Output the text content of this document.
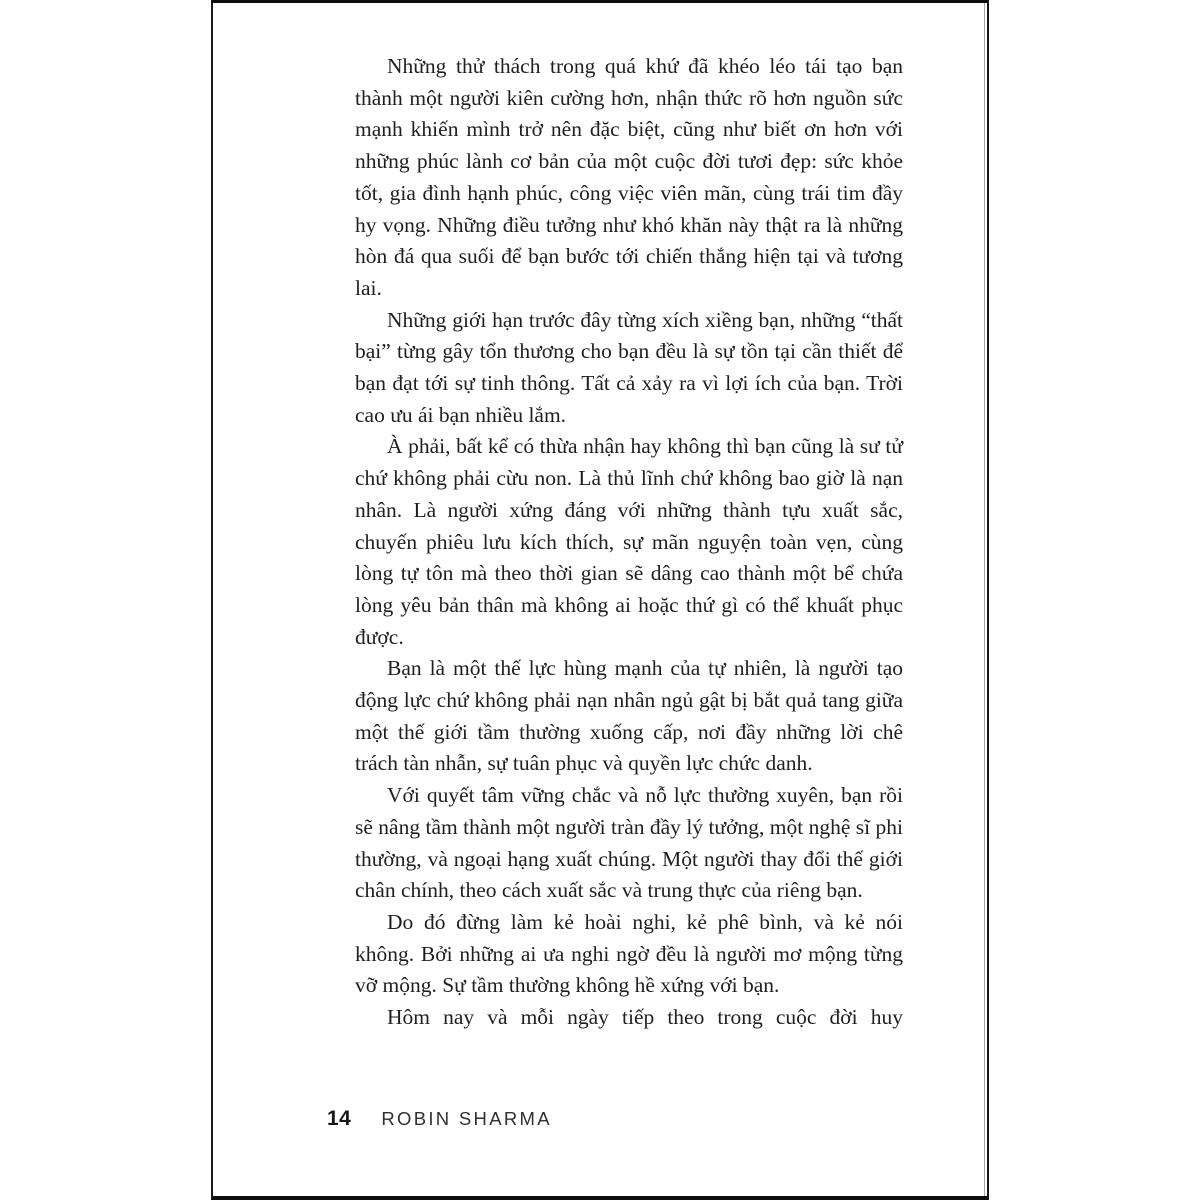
Những thử thách trong quá khứ đã khéo léo tái tạo bạn thành một người kiên cường hơn, nhận thức rõ hơn nguồn sức mạnh khiến mình trở nên đặc biệt, cũng như biết ơn hơn với những phúc lành cơ bản của một cuộc đời tươi đẹp: sức khỏe tốt, gia đình hạnh phúc, công việc viên mãn, cùng trái tim đầy hy vọng. Những điều tưởng như khó khăn này thật ra là những hòn đá qua suối để bạn bước tới chiến thắng hiện tại và tương lai.

Những giới hạn trước đây từng xích xiềng bạn, những “thất bại” từng gây tổn thương cho bạn đều là sự tồn tại cần thiết để bạn đạt tới sự tinh thông. Tất cả xảy ra vì lợi ích của bạn. Trời cao ưu ái bạn nhiều lắm.

À phải, bất kể có thừa nhận hay không thì bạn cũng là sư tử chứ không phải cừu non. Là thủ lĩnh chứ không bao giờ là nạn nhân. Là người xứng đáng với những thành tựu xuất sắc, chuyến phiêu lưu kích thích, sự mãn nguyện toàn vẹn, cùng lòng tự tôn mà theo thời gian sẽ dâng cao thành một bể chứa lòng yêu bản thân mà không ai hoặc thứ gì có thể khuất phục được.

Bạn là một thế lực hùng mạnh của tự nhiên, là người tạo động lực chứ không phải nạn nhân ngủ gật bị bắt quả tang giữa một thế giới tầm thường xuống cấp, nơi đầy những lời chê trách tàn nhẫn, sự tuân phục và quyền lực chức danh.

Với quyết tâm vững chắc và nỗ lực thường xuyên, bạn rồi sẽ nâng tầm thành một người tràn đầy lý tưởng, một nghệ sĩ phi thường, và ngoại hạng xuất chúng. Một người thay đổi thế giới chân chính, theo cách xuất sắc và trung thực của riêng bạn.

Do đó đừng làm kẻ hoài nghi, kẻ phê bình, và kẻ nói không. Bởi những ai ưa nghi ngờ đều là người mơ mộng từng vỡ mộng. Sự tầm thường không hề xứng với bạn.

Hôm nay và mỗi ngày tiếp theo trong cuộc đời huy

14 ROBIN SHARMA
